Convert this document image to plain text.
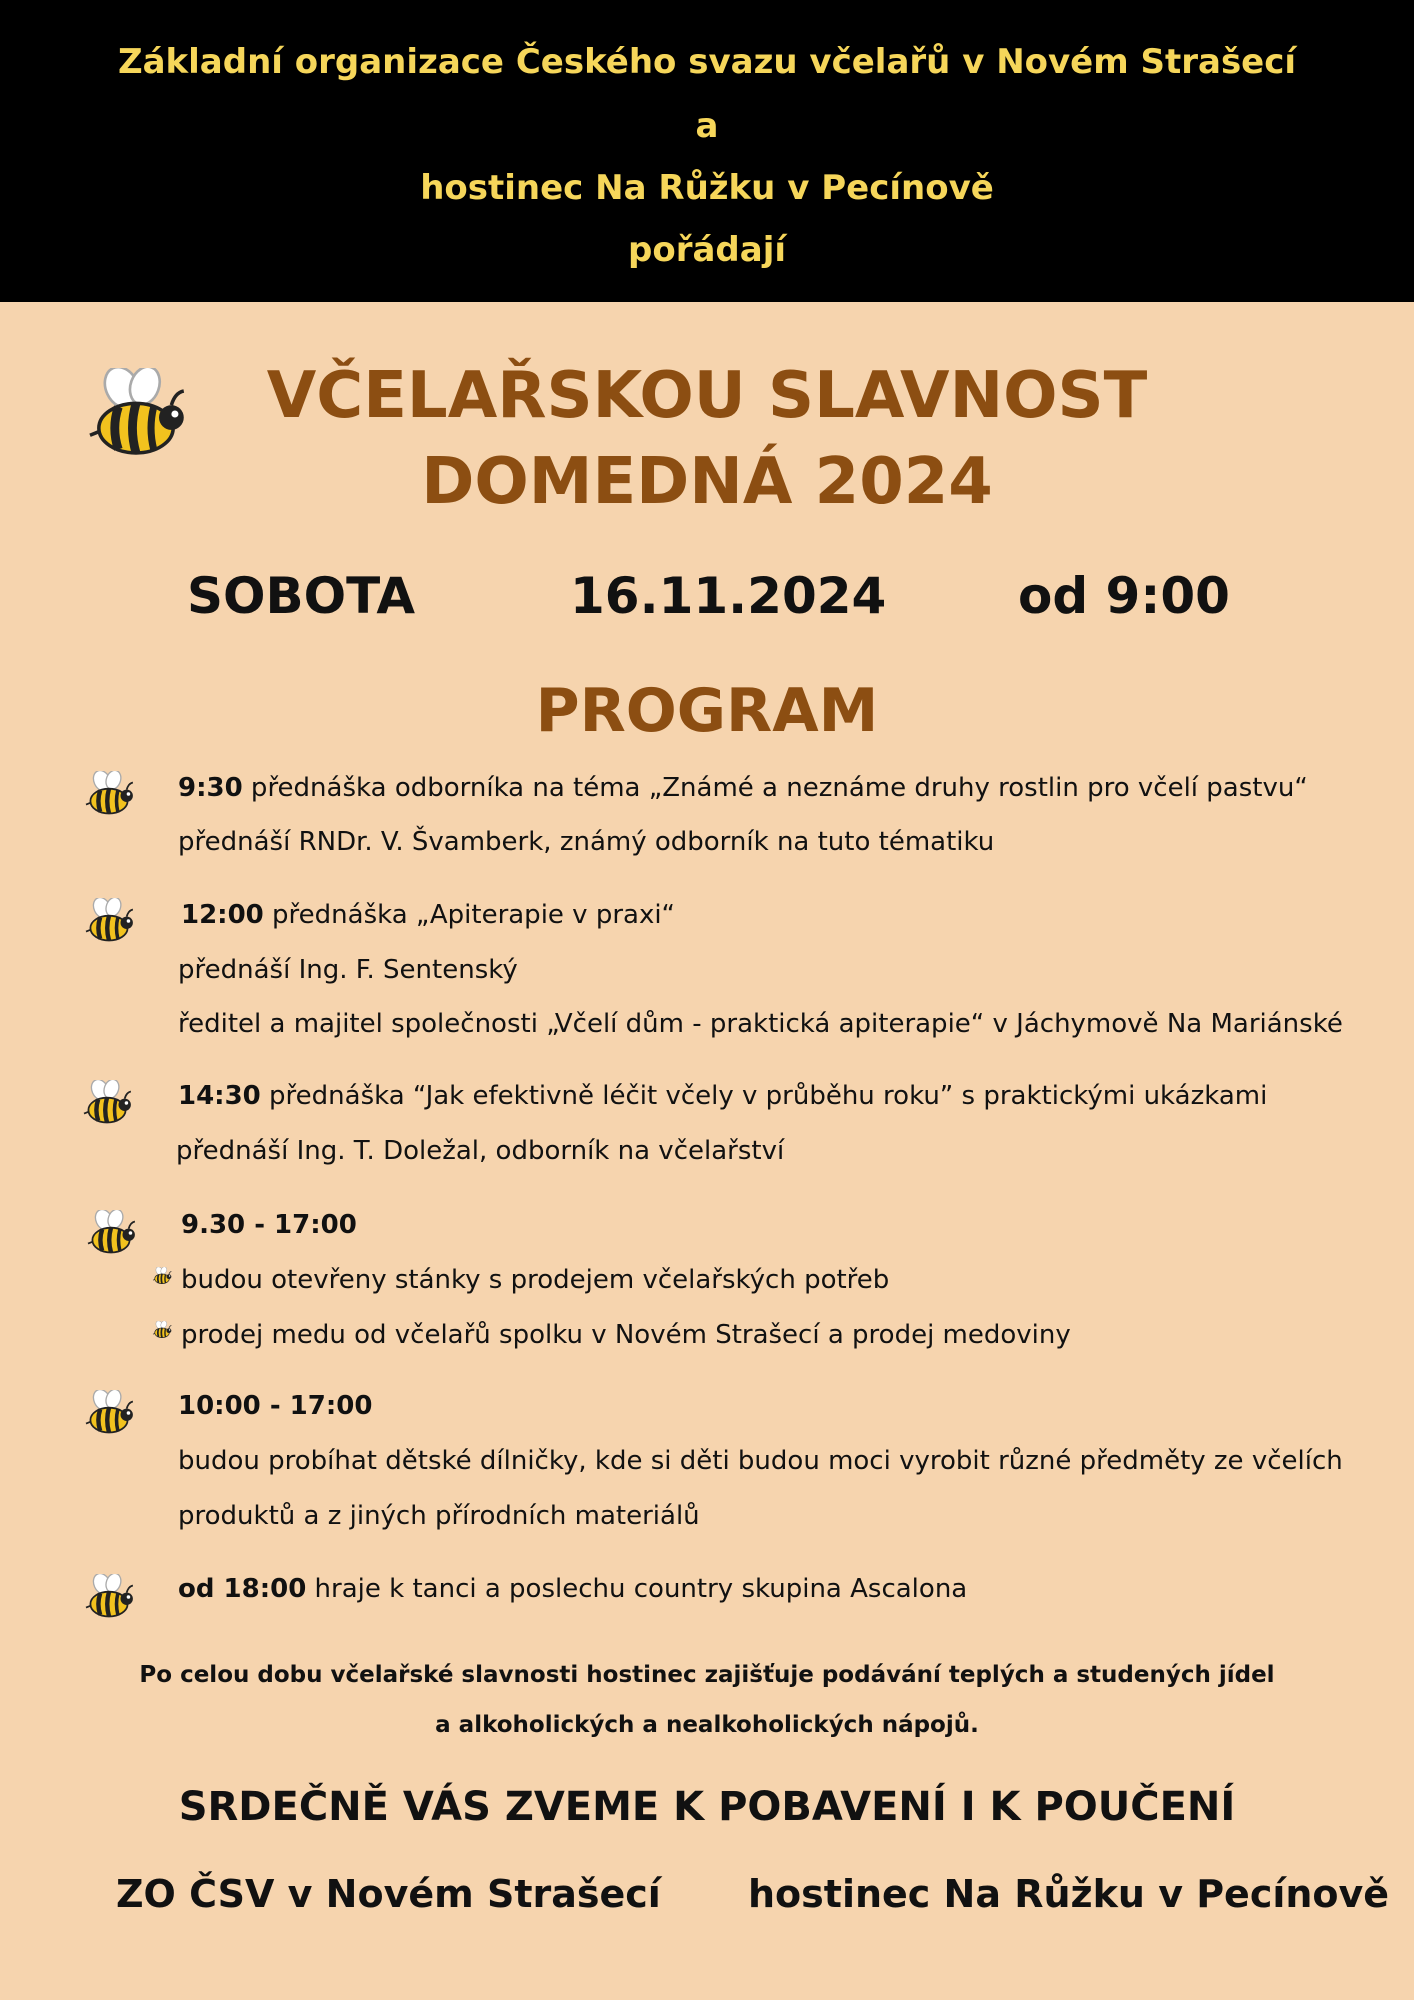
Základní organizace Českého svazu včelařů v Novém Strašecí
a
hostinec Na Růžku v Pecínově
pořádají
VČELAŘSKOU SLAVNOST
DOMEDNÁ 2024
SOBOTA	16.11.2024	od 9:00
PROGRAM
9:30 přednáška odborníka na téma „Známé a neznáme druhy rostlin pro včelí pastvu“
přednáší RNDr. V. Švamberk, známý odborník na tuto tématiku
12:00 přednáška „Apiterapie v praxi“
přednáší Ing. F. Sentenský
ředitel a majitel společnosti „Včelí dům - praktická apiterapie“ v Jáchymově Na Mariánské
14:30 přednáška “Jak efektivně léčit včely v průběhu roku” s praktickými ukázkami
přednáší Ing. T. Doležal, odborník na včelařství
9.30 - 17:00
budou otevřeny stánky s prodejem včelařských potřeb
prodej medu od včelařů spolku v Novém Strašecí a prodej medoviny
10:00 - 17:00
budou probíhat dětské dílničky, kde si děti budou moci vyrobit různé předměty ze včelích
produktů a z jiných přírodních materiálů
od 18:00 hraje k tanci a poslechu country skupina Ascalona
Po celou dobu včelařské slavnosti hostinec zajišťuje podávání teplých a studených jídel
a alkoholických a nealkoholických nápojů.
SRDEČNĚ VÁS ZVEME K POBAVENÍ I K POUČENÍ
ZO ČSV v Novém Strašecí hostinec Na Růžku v Pecínově
